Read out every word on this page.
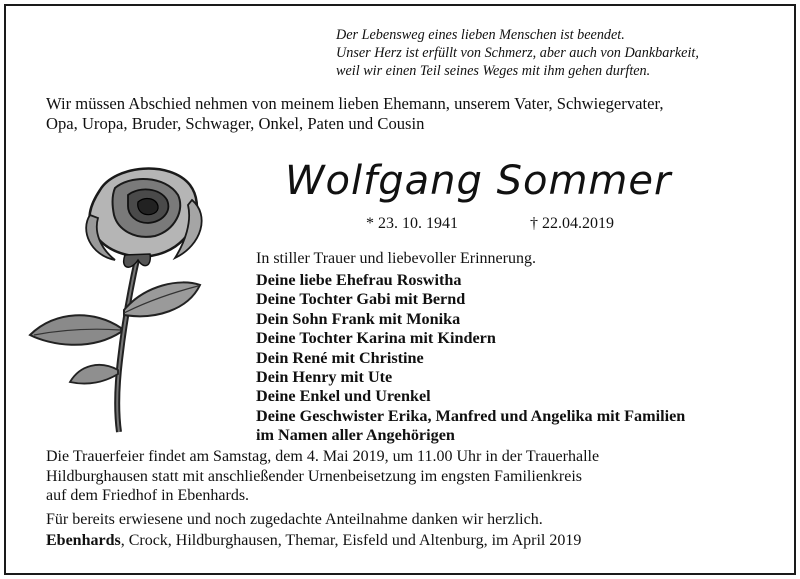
Der Lebensweg eines lieben Menschen ist beendet.
Unser Herz ist erfüllt von Schmerz, aber auch von Dankbarkeit,
weil wir einen Teil seines Weges mit ihm gehen durften.
Wir müssen Abschied nehmen von meinem lieben Ehemann, unserem Vater, Schwiegervater,
Opa, Uropa, Bruder, Schwager, Onkel, Paten und Cousin
Wolfgang Sommer
* 23. 10. 1941	† 22.04.2019
In stiller Trauer und liebevoller Erinnerung.
Deine liebe Ehefrau Roswitha
Deine Tochter Gabi mit Bernd
Dein Sohn Frank mit Monika
Deine Tochter Karina mit Kindern
Dein René mit Christine
Dein Henry mit Ute
Deine Enkel und Urenkel
Deine Geschwister Erika, Manfred und Angelika mit Familien
im Namen aller Angehörigen
Die Trauerfeier findet am Samstag, dem 4. Mai 2019, um 11.00 Uhr in der Trauerhalle
Hildburghausen statt mit anschließender Urnenbeisetzung im engsten Familienkreis
auf dem Friedhof in Ebenhards.
Für bereits erwiesene und noch zugedachte Anteilnahme danken wir herzlich.
Ebenhards, Crock, Hildburghausen, Themar, Eisfeld und Altenburg, im April 2019
